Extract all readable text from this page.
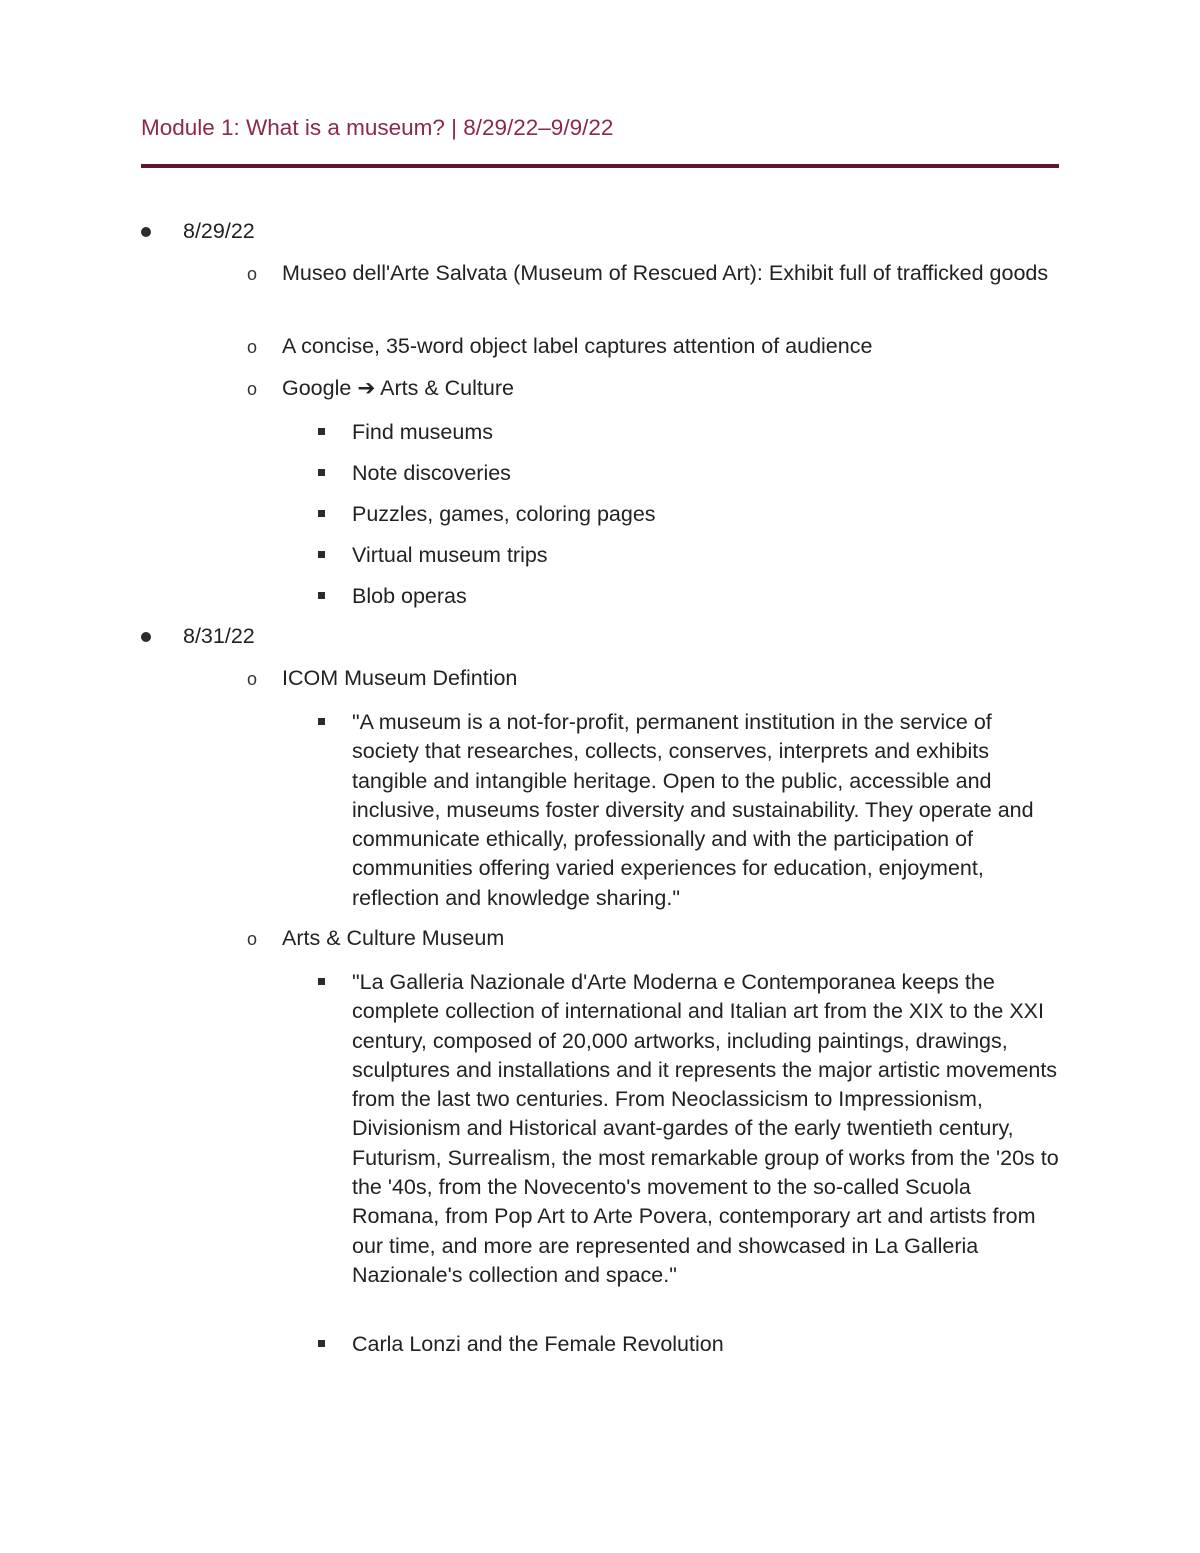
Module 1: What is a museum? | 8/29/22–9/9/22
8/29/22
o Museo dell'Arte Salvata (Museum of Rescued Art): Exhibit full of trafficked goods
o A concise, 35-word object label captures attention of audience
o Google ➔ Arts & Culture
Find museums
Note discoveries
Puzzles, games, coloring pages
Virtual museum trips
Blob operas
8/31/22
o ICOM Museum Defintion
"A museum is a not-for-profit, permanent institution in the service of society that researches, collects, conserves, interprets and exhibits tangible and intangible heritage. Open to the public, accessible and inclusive, museums foster diversity and sustainability. They operate and communicate ethically, professionally and with the participation of communities offering varied experiences for education, enjoyment, reflection and knowledge sharing."
o Arts & Culture Museum
"La Galleria Nazionale d'Arte Moderna e Contemporanea keeps the complete collection of international and Italian art from the XIX to the XXI century, composed of 20,000 artworks, including paintings, drawings, sculptures and installations and it represents the major artistic movements from the last two centuries. From Neoclassicism to Impressionism, Divisionism and Historical avant-gardes of the early twentieth century, Futurism, Surrealism, the most remarkable group of works from the '20s to the '40s, from the Novecento's movement to the so-called Scuola Romana, from Pop Art to Arte Povera, contemporary art and artists from our time, and more are represented and showcased in La Galleria Nazionale's collection and space."
Carla Lonzi and the Female Revolution
